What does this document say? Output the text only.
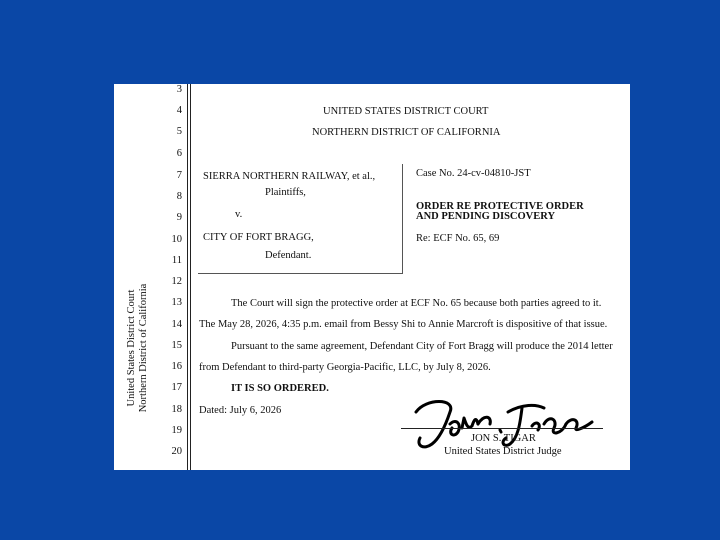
3
4
5
6
7
8
9
10
11
12
13
14
15
16
17
18
19
20
United States District Court Northern District of California
UNITED STATES DISTRICT COURT
NORTHERN DISTRICT OF CALIFORNIA
SIERRA NORTHERN RAILWAY, et al.,
Plaintiffs,
v.
CITY OF FORT BRAGG,
Defendant.
Case No. 24-cv-04810-JST
ORDER RE PROTECTIVE ORDER
AND PENDING DISCOVERY
Re: ECF No. 65, 69
The Court will sign the protective order at ECF No. 65 because both parties agreed to it.
The May 28, 2026, 4:35 p.m. email from Bessy Shi to Annie Marcroft is dispositive of that issue.
Pursuant to the same agreement, Defendant City of Fort Bragg will produce the 2014 letter
from Defendant to third-party Georgia-Pacific, LLC, by July 8, 2026.
IT IS SO ORDERED.
Dated: July 6, 2026
JON S. TIGAR
United States District Judge
